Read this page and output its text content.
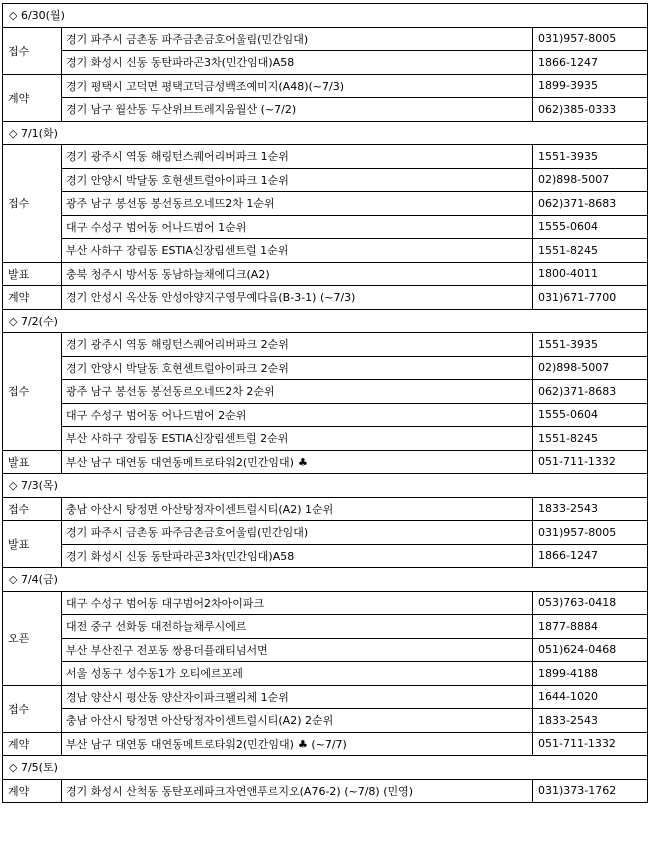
◇ 6/30(월)		
접수	경기 파주시 금촌동 파주금촌금호어울림(민간임대)	031)957-8005
	경기 화성시 신동 동탄파라곤3차(민간임대)A58	1866-1247
계약	경기 평택시 고덕면 평택고덕금성백조예미지(A48)(~7/3)	1899-3935
	경기 남구 월산동 두산위브트레지움월산 (~7/2)	062)385-0333
◇ 7/1(화)		
접수	경기 광주시 역동 해링턴스퀘어리버파크 1순위	1551-3935
	경기 안양시 박달동 호현센트럴아이파크 1순위	02)898-5007
	광주 남구 봉선동 봉선동르오네뜨2차 1순위	062)371-8683
	대구 수성구 범어동 어나드범어 1순위	1555-0604
	부산 사하구 장림동 ESTIA신장림센트럴 1순위	1551-8245
발표	충북 청주시 방서동 동남하늘채에디크(A2)	1800-4011
계약	경기 안성시 옥산동 안성아양지구영무예다음(B-3-1) (~7/3)	031)671-7700
◇ 7/2(수)		
접수	경기 광주시 역동 해링턴스퀘어리버파크 2순위	1551-3935
	경기 안양시 박달동 호현센트럴아이파크 2순위	02)898-5007
	광주 남구 봉선동 봉선동르오네뜨2차 2순위	062)371-8683
	대구 수성구 범어동 어나드범어 2순위	1555-0604
	부산 사하구 장림동 ESTIA신장림센트럴 2순위	1551-8245
발표	부산 남구 대연동 대연동메트로타워2(민간임대) ♣	051-711-1332
◇ 7/3(목)		
접수	충남 아산시 탕정면 아산탕정자이센트럴시티(A2) 1순위	1833-2543
발표	경기 파주시 금촌동 파주금촌금호어울림(민간임대)	031)957-8005
	경기 화성시 신동 동탄파라곤3차(민간임대)A58	1866-1247
◇ 7/4(금)		
오픈	대구 수성구 범어동 대구범어2차아이파크	053)763-0418
	대전 중구 선화동 대전하늘채루시에르	1877-8884
	부산 부산진구 전포동 쌍용더플래티넘서면	051)624-0468
	서울 성동구 성수동1가 오티에르포레	1899-4188
접수	경남 양산시 평산동 양산자이파크팰리체 1순위	1644-1020
	충남 아산시 탕정면 아산탕정자이센트럴시티(A2) 2순위	1833-2543
계약	부산 남구 대연동 대연동메트로타워2(민간임대) ♣ (~7/7)	051-711-1332
◇ 7/5(토)		
계약	경기 화성시 산척동 동탄포레파크자연앤푸르지오(A76-2) (~7/8) (민영)	031)373-1762
